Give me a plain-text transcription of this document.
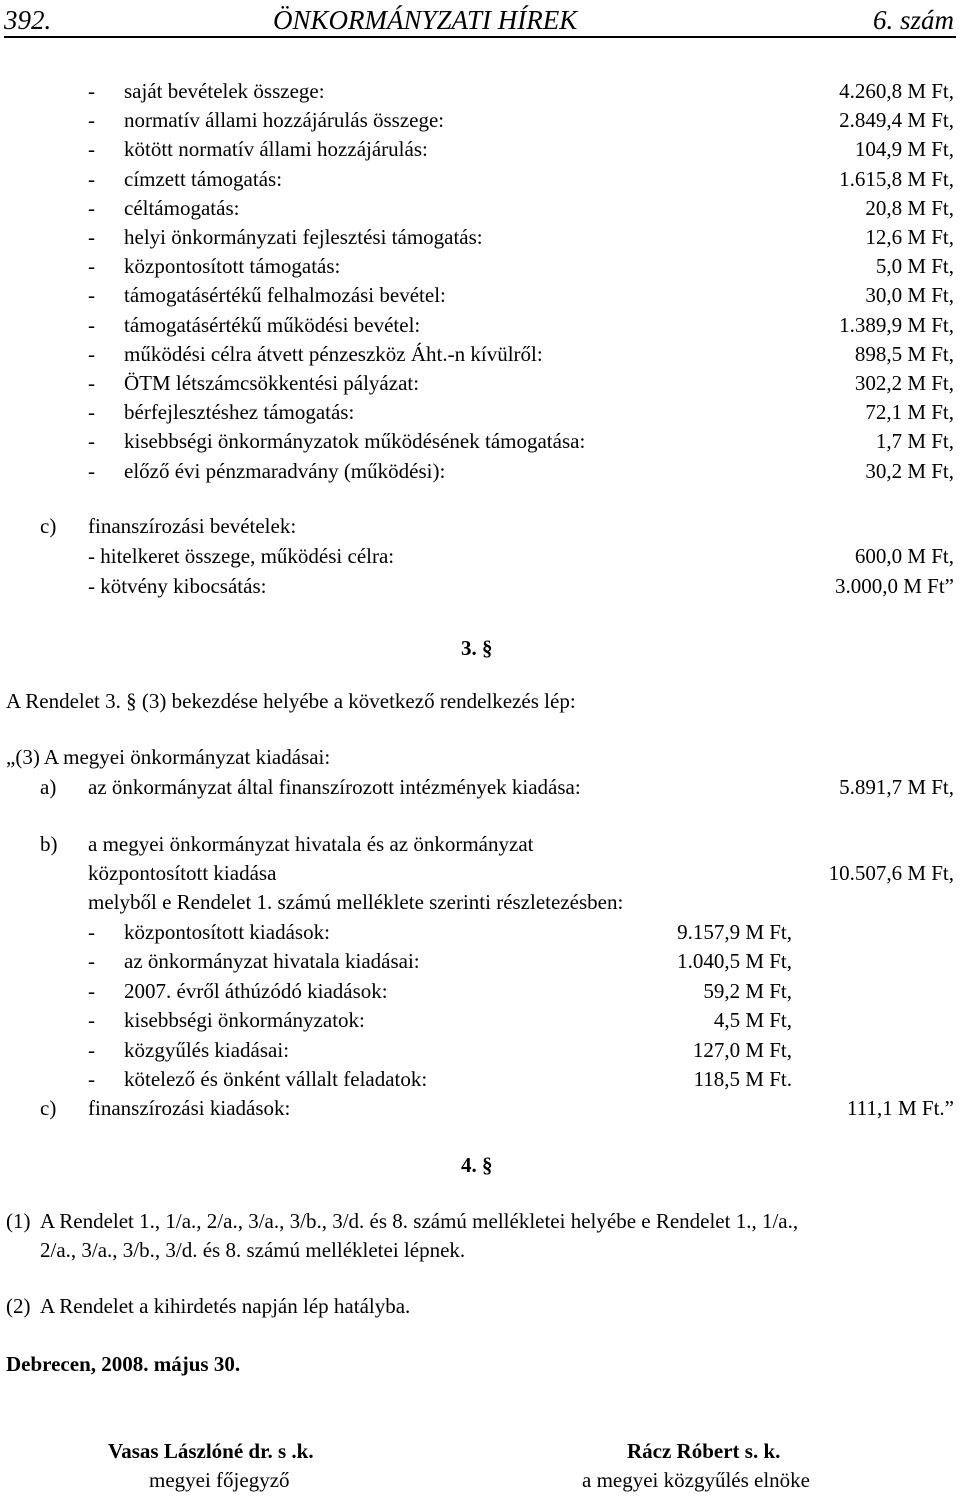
392.	ÖNKORMÁNYZATI HÍREK	6. szám
- saját bevételek összege:	4.260,8 M Ft,
- normatív állami hozzájárulás összege:	2.849,4 M Ft,
- kötött normatív állami hozzájárulás:	104,9 M Ft,
- címzett támogatás:	1.615,8 M Ft,
- céltámogatás:	20,8 M Ft,
- helyi önkormányzati fejlesztési támogatás:	12,6 M Ft,
- központosított támogatás:	5,0 M Ft,
- támogatásértékű felhalmozási bevétel:	30,0 M Ft,
- támogatásértékű működési bevétel:	1.389,9 M Ft,
- működési célra átvett pénzeszköz Áht.-n kívülről:	898,5 M Ft,
- ÖTM létszámcsökkentési pályázat:	302,2 M Ft,
- bérfejlesztéshez támogatás:	72,1 M Ft,
- kisebbségi önkormányzatok működésének támogatása:	1,7 M Ft,
- előző évi pénzmaradvány (működési):	30,2 M Ft,
c) finanszírozási bevételek:
- hitelkeret összege, működési célra:	600,0 M Ft,
- kötvény kibocsátás:	3.000,0 M Ft”
3. §
A Rendelet 3. § (3) bekezdése helyébe a következő rendelkezés lép:
„(3) A megyei önkormányzat kiadásai:
a) az önkormányzat által finanszírozott intézmények kiadása:	5.891,7 M Ft,
b) a megyei önkormányzat hivatala és az önkormányzat
központosított kiadása	10.507,6 M Ft,
melyből e Rendelet 1. számú melléklete szerinti részletezésben:
- központosított kiadások:	9.157,9 M Ft,
- az önkormányzat hivatala kiadásai:	1.040,5 M Ft,
- 2007. évről áthúzódó kiadások:	59,2 M Ft,
- kisebbségi önkormányzatok:	4,5 M Ft,
- közgyűlés kiadásai:	127,0 M Ft,
- kötelező és önként vállalt feladatok:	118,5 M Ft.
c) finanszírozási kiadások:	111,1 M Ft.”
4. §
(1) A Rendelet 1., 1/a., 2/a., 3/a., 3/b., 3/d. és 8. számú mellékletei helyébe e Rendelet 1., 1/a.,
2/a., 3/a., 3/b., 3/d. és 8. számú mellékletei lépnek.
(2) A Rendelet a kihirdetés napján lép hatályba.
Debrecen, 2008. május 30.
Vasas Lászlóné dr. s .k.
megyei főjegyző
Rácz Róbert s. k.
a megyei közgyűlés elnöke
